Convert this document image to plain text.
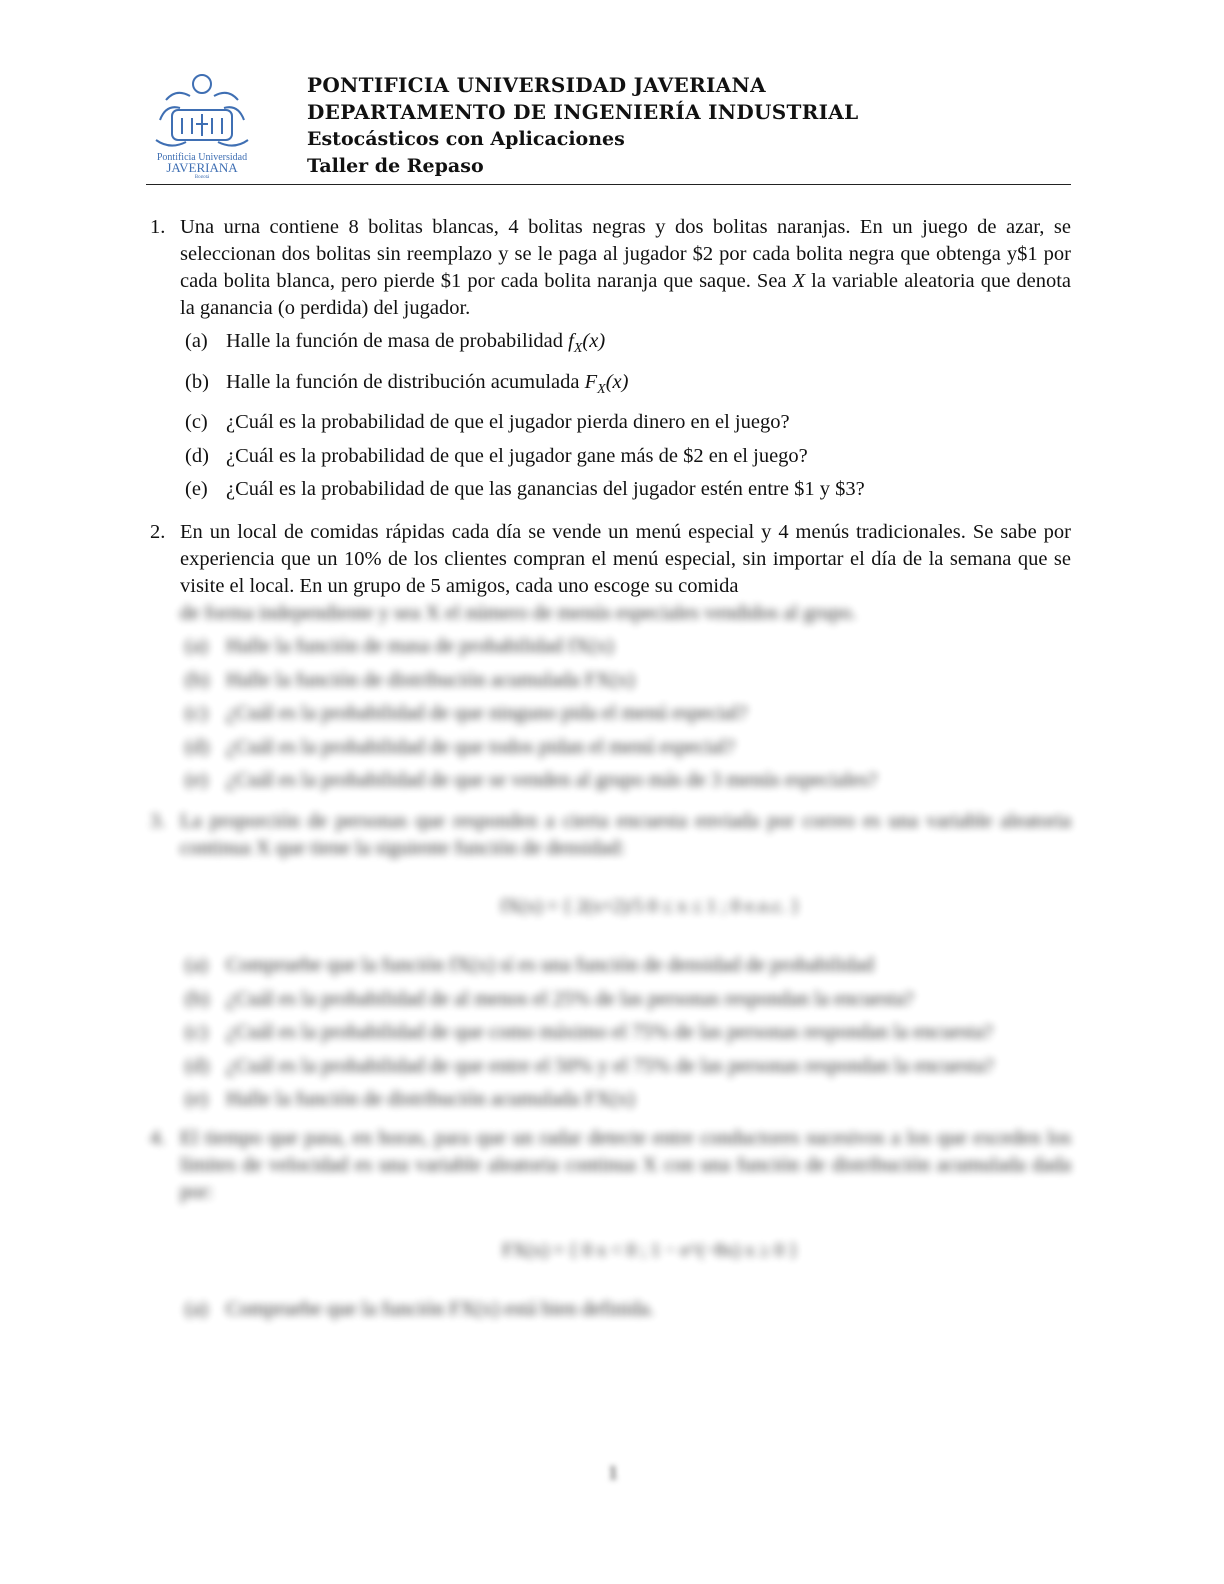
Pontificia Universidad
JAVERIANA
Bogotá
PONTIFICIA UNIVERSIDAD JAVERIANA
DEPARTAMENTO DE INGENIERÍA INDUSTRIAL
Estocásticos con Aplicaciones
Taller de Repaso
1. Una urna contiene 8 bolitas blancas, 4 bolitas negras y dos bolitas naranjas. En un juego de azar, se seleccionan dos bolitas sin reemplazo y se le paga al jugador $2 por cada bolita negra que obtenga y$1 por cada bolita blanca, pero pierde $1 por cada bolita naranja que saque. Sea X la variable aleatoria que denota la ganancia (o perdida) del jugador.
(a) Halle la función de masa de probabilidad $f_X(x)$
(b) Halle la función de distribución acumulada $F_X(x)$
(c) ¿Cuál es la probabilidad de que el jugador pierda dinero en el juego?
(d) ¿Cuál es la probabilidad de que el jugador gane más de $2 en el juego?
(e) ¿Cuál es la probabilidad de que las ganancias del jugador estén entre $1 y $3?
2. En un local de comidas rápidas cada día se vende un menú especial y 4 menús tradicionales. Se sabe por experiencia que un 10% de los clientes compran el menú especial, sin importar el día de la semana que se visite el local. En un grupo de 5 amigos, cada uno escoge su comida
de forma independiente y sea X el número de menús especiales vendidos al grupo.
(a) Halle la función de masa de probabilidad fX(x)
(b) Halle la función de distribución acumulada FX(x)
(c) ¿Cuál es la probabilidad de que ninguno pida el menú especial?
(d) ¿Cuál es la probabilidad de que todos pidan el menú especial?
(e) ¿Cuál es la probabilidad de que se venden al grupo más de 3 menús especiales?
3. La proporción de personas que responden a cierta encuesta enviada por correo es una variable aleatoria continua X que tiene la siguiente función de densidad:
fX(x) = { 2(x+2)/5 0 ≤ x ≤ 1 ; 0 e.o.c. }
(a) Compruebe que la función fX(x) sí es una función de densidad de probabilidad
(b) ¿Cuál es la probabilidad de al menos el 25% de las personas respondan la encuesta?
(c) ¿Cuál es la probabilidad de que como máximo el 75% de las personas respondan la encuesta?
(d) ¿Cuál es la probabilidad de que entre el 50% y el 75% de las personas respondan la encuesta?
(e) Halle la función de distribución acumulada FX(x)
4. El tiempo que pasa, en horas, para que un radar detecte entre conductores sucesivos a los que exceden los límites de velocidad es una variable aleatoria continua X con una función de distribución acumulada dada por:
FX(x) = { 0 x < 0 ; 1 − e^(−8x) x ≥ 0 }
(a) Compruebe que la función FX(x) está bien definida.
1
